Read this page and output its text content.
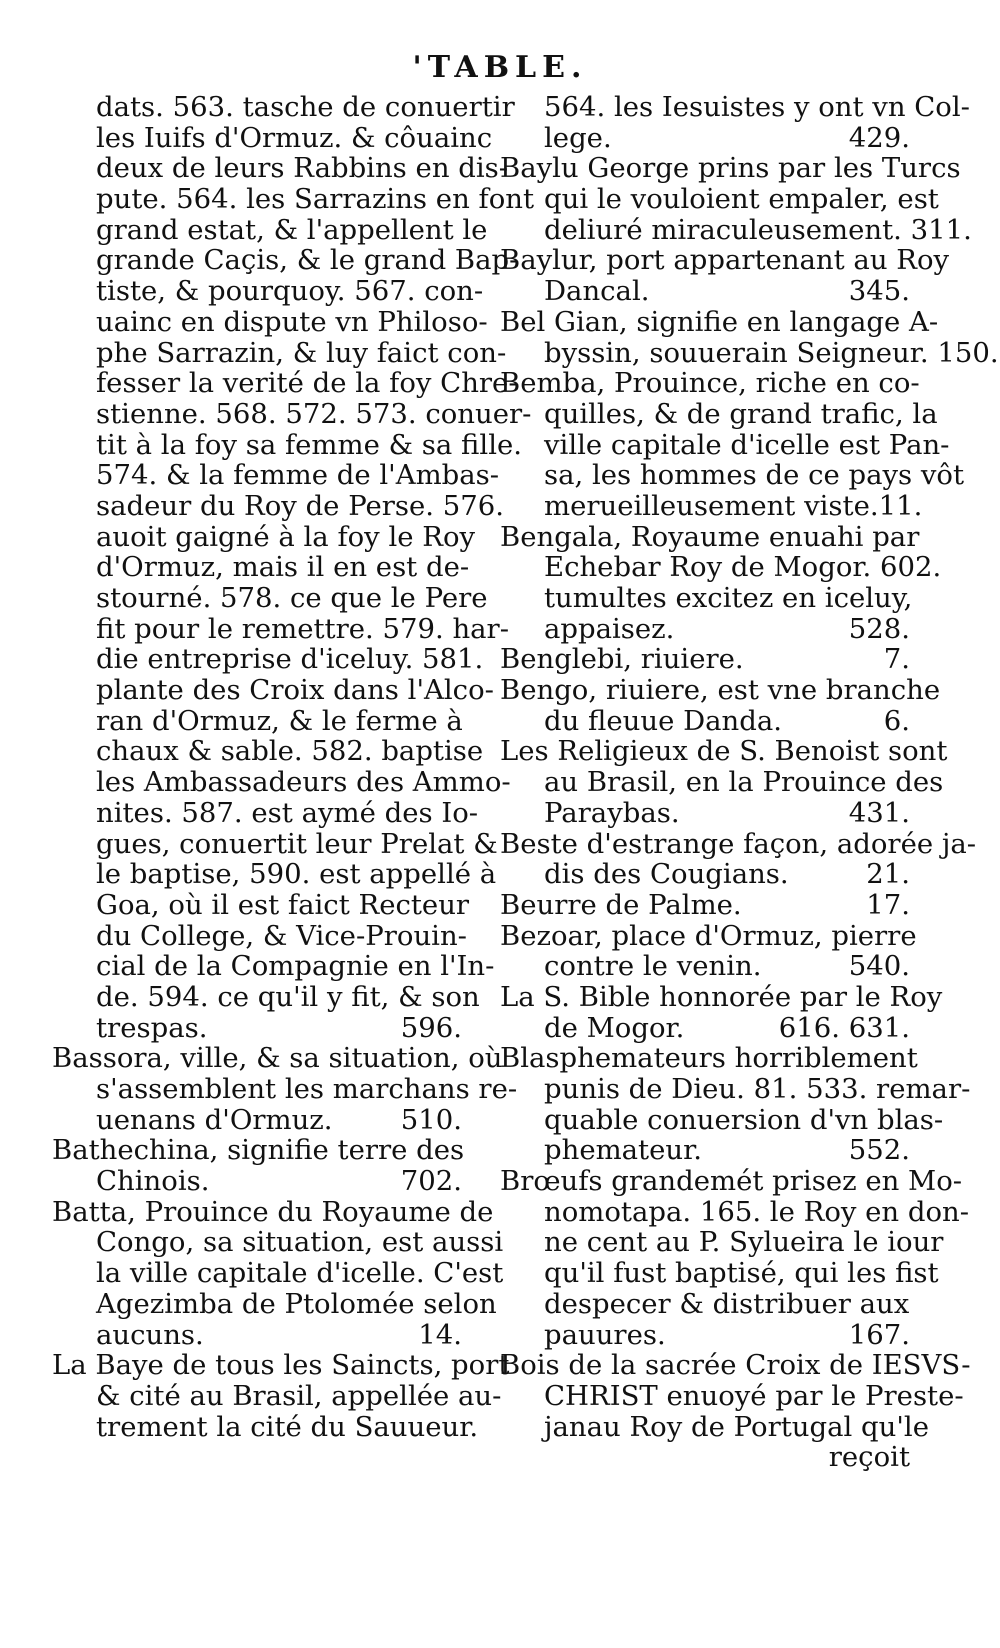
'TABLE.
dats. 563. tasche de conuertir
les Iuifs d'Ormuz. & côuainc
deux de leurs Rabbins en dis-
pute. 564. les Sarrazins en font
grand estat, & l'appellent le
grande Caçis, & le grand Bap-
tiste, & pourquoy. 567. con-
uainc en dispute vn Philoso-
phe Sarrazin, & luy faict con-
fesser la verité de la foy Chre-
stienne. 568. 572. 573. conuer-
tit à la foy sa femme & sa fille.
574. & la femme de l'Ambas-
sadeur du Roy de Perse. 576.
auoit gaigné à la foy le Roy
d'Ormuz, mais il en est de-
stourné. 578. ce que le Pere
fit pour le remettre. 579. har-
die entreprise d'iceluy. 581.
plante des Croix dans l'Alco-
ran d'Ormuz, & le ferme à
chaux & sable. 582. baptise
les Ambassadeurs des Ammo-
nites. 587. est aymé des Io-
gues, conuertit leur Prelat &
le baptise, 590. est appellé à
Goa, où il est faict Recteur
du College, & Vice-Prouin-
cial de la Compagnie en l'In-
de. 594. ce qu'il y fit, & son
trespas.	596.
Bassora, ville, & sa situation, où
s'assemblent les marchans re-
uenans d'Ormuz. 510.
Bathechina, signifie terre des
Chinois.	702.
Batta, Prouince du Royaume de
Congo, sa situation, est aussi
la ville capitale d'icelle. C'est
Agezimba de Ptolomée selon
aucuns.	14.
La Baye de tous les Saincts, port
& cité au Brasil, appellée au-
trement la cité du Sauueur.
564. les Iesuistes y ont vn Col-
lege.	429.
Baylu George prins par les Turcs
qui le vouloient empaler, est
deliuré miraculeusement. 311.
Baylur, port appartenant au Roy
Dancal.	345.
Bel Gian, signifie en langage A-
byssin, souuerain Seigneur. 150.
Bemba, Prouince, riche en co-
quilles, & de grand trafic, la
ville capitale d'icelle est Pan-
sa, les hommes de ce pays vôt
merueilleusement viste. 11.
Bengala, Royaume enuahi par
Echebar Roy de Mogor. 602.
tumultes excitez en iceluy,
appaisez.	528.
Benglebi, riuiere.	7.
Bengo, riuiere, est vne branche
du fleuue Danda.	6.
Les Religieux de S. Benoist sont
au Brasil, en la Prouince des
Paraybas.	431.
Beste d'estrange façon, adorée ja-
dis des Cougians.	21.
Beurre de Palme.	17.
Bezoar, place d'Ormuz, pierre
contre le venin.	540.
La S. Bible honnorée par le Roy
de Mogor.	616. 631.
Blasphemateurs horriblement
punis de Dieu. 81. 533. remar-
quable conuersion d'vn blas-
phemateur.	552.
Brœufs grandemét prisez en Mo-
nomotapa. 165. le Roy en don-
ne cent au P. Sylueira le iour
qu'il fust baptisé, qui les fist
despecer & distribuer aux
pauures.	167.
Bois de la sacrée Croix de IESVS-
CHRIST enuoyé par le Preste-
janau Roy de Portugal qu'le
reçoit
